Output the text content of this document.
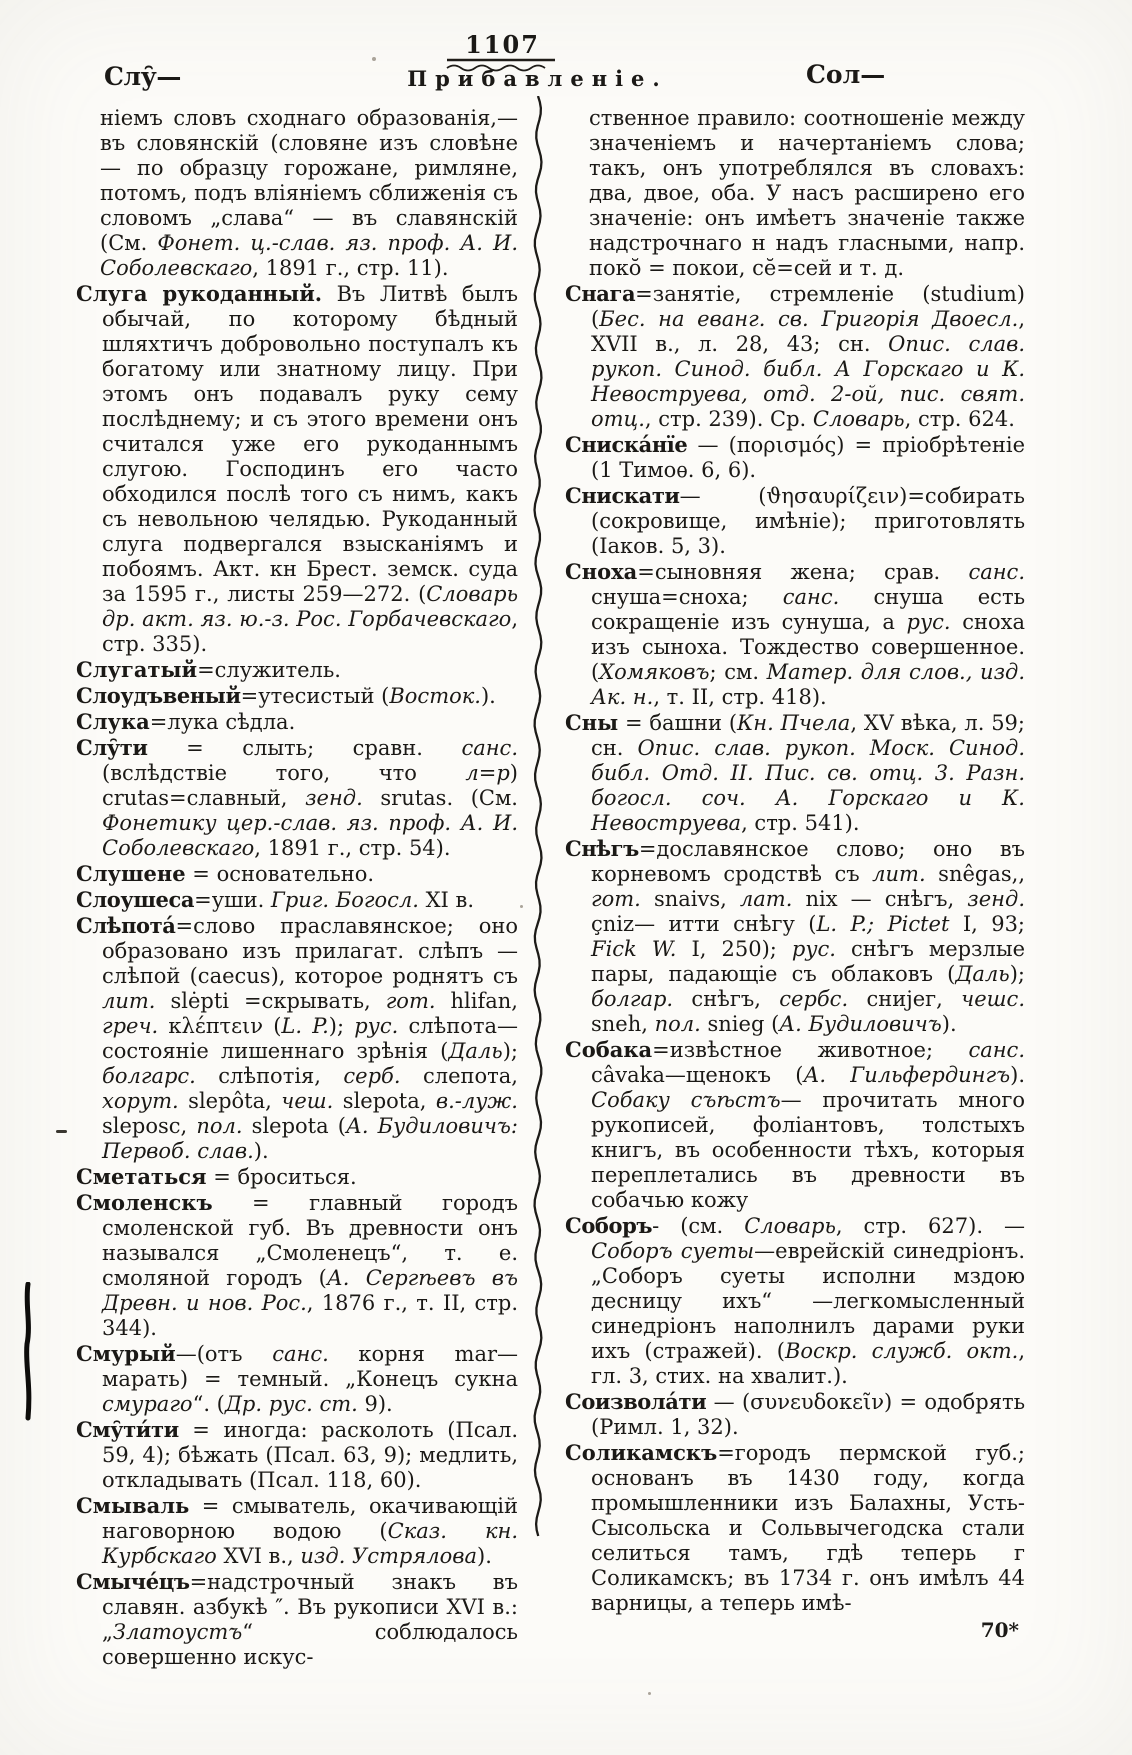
1107
Слу̑—	Прибавленіе.	Сол—

ніемъ словъ сходнаго образованія,— въ словянскій (словяне изъ словѣне — по образцу горожане, римляне, потомъ, подъ вліяніемъ сближенія съ словомъ „слава“ — въ славянскій (См. Фонет. ц.-слав. яз. проф. А. И. Соболевскаго, 1891 г., стр. 11).

Слуга рукоданный. Въ Литвѣ былъ обычай, по которому бѣдный шляхтичъ добровольно поступалъ къ богатому или знатному лицу. При этомъ онъ подавалъ руку сему послѣднему; и съ этого времени онъ считался уже его рукоданнымъ слугою. Господинъ его часто обходился послѣ того съ нимъ, какъ съ невольною челядью. Рукоданный слуга подвергался взысканіямъ и побоямъ. Акт. кн Брест. земск. суда за 1595 г., листы 259—272. (Словарь др. акт. яз. ю.-з. Рос. Горбачевскаго, стр. 335).

Слугатый=служитель.

Слоудъвеный=утесистый (Восток.).

Слука=лука сѣдла.

Слу̑ти = слыть; сравн. санс. (вслѣдствіе того, что л=p) crutas=славный, зенд. srutas. (См. Фонетику цер.-слав. яз. проф. А. И. Соболевскаго, 1891 г., стр. 54).

Слушене = основательно.

Слоушеса=уши. Григ. Богосл. XI в.

Слѣпота́=слово праславянское; оно образовано изъ прилагат. слѣпъ — слѣпой (caecus), которое роднятъ съ лит. slėpti =скрывать, гот. hlifan, греч. κλέπτειν (L. P.); рус. слѣпота— состояніе лишеннаго зрѣнія (Даль); болгарс. слѣпотія, серб. слепота, хорут. slepôta, чеш. slepota, в.-луж. sleposc, пол. slepota (А. Будиловичъ: Первоб. слав.).

Сметаться = броситься.

Смоленскъ = главный городъ смоленской губ. Въ древности онъ назывался „Смоленецъ“, т. е. смоляной городъ (А. Сергѣевъ въ Древн. и нов. Рос., 1876 г., т. II, стр. 344).

Смурый—(отъ санс. корня mar—марать) = темный. „Конецъ сукна смураго“. (Др. рус. ст. 9).

Сму̑ти́ти = иногда: расколоть (Псал. 59, 4); бѣжать (Псал. 63, 9); медлить, откладывать (Псал. 118, 60).

Смываль = смыватель, окачивающій наговорною водою (Сказ. кн. Курбскаго XVI в., изд. Устрялова).

Смыче́цъ=надстрочный знакъ въ славян. азбукѣ ″. Въ рукописи XVI в.: „Златоустъ“ соблюдалось совершенно искус-

ственное правило: соотношеніе между значеніемъ и начертаніемъ слова; такъ, онъ употреблялся въ словахъ: два, двое, оба. У насъ расширено его значеніе: онъ имѣетъ значеніе также надстрочнаго н надъ гласными, напр. поко̆ = покои, сӗ=сей и т. д.

Снага=занятіе, стремленіе (studium) (Бес. на еванг. св. Григорія Двоесл., XVII в., л. 28, 43; сн. Опис. слав. рукоп. Синод. библ. А Горскаго и К. Невоструева, отд. 2-ой, пис. свят. отц., стр. 239). Ср. Словарь, стр. 624.

Сниска́нїе — (πορισμός) = пріобрѣтеніе (1 Тимоѳ. 6, 6).

Снискати— (ϑησαυρίζειν)=собирать (сокровище, имѣніе); приготовлять (Іаков. 5, 3).

Сноха=сыновняя жена; срав. санс. снуша=сноха; санс. снуша есть сокращеніе изъ сунуша, а рус. сноха изъ сыноха. Тождество совершенное. (Хомяковъ; см. Матер. для слов., изд. Ак. н., т. II, стр. 418).

Сны = башни (Кн. Пчела, XV вѣка, л. 59; сн. Опис. слав. рукоп. Моск. Синод. библ. Отд. II. Пис. св. отц. 3. Разн. богосл. соч. А. Горскаго и К. Невоструева, стр. 541).

Снѣгъ=дославянское слово; оно въ корневомъ сродствѣ съ лит. snêgas,, гот. snaivs, лат. nix — снѣгъ, зенд. çniz— итти снѣгу (L. P.; Pictet I, 93; Fick W. I, 250); рус. снѣгъ мерзлые пары, падающіе съ облаковъ (Даль); болгар. снѣгъ, сербс. снијег, чешс. sneh, пол. snieg (А. Будиловичъ).

Собака=извѣстное животное; санс. câvaka—щенокъ (А. Гильфердингъ). Собаку съѣстъ— прочитать много рукописей, фоліантовъ, толстыхъ книгъ, въ особенности тѣхъ, которыя переплетались въ древности въ собачью кожу

Соборъ- (см. Словарь, стр. 627). — Соборъ суеты—еврейскій синедріонъ. „Соборъ суеты исполни мздою десницу ихъ“ —легкомысленный синедріонъ наполнилъ дарами руки ихъ (стражей). (Воскр. служб. окт., гл. 3, стих. на хвалит.).

Соизвола́ти — (συνευδοκεῖν) = одобрять (Римл. 1, 32).

Соликамскъ=городъ пермской губ.; основанъ въ 1430 году, когда промышленники изъ Балахны, Усть-Сысольска и Сольвычегодска стали селиться тамъ, гдѣ теперь г Соликамскъ; въ 1734 г. онъ имѣлъ 44 варницы, а теперь имѣ-

70*
